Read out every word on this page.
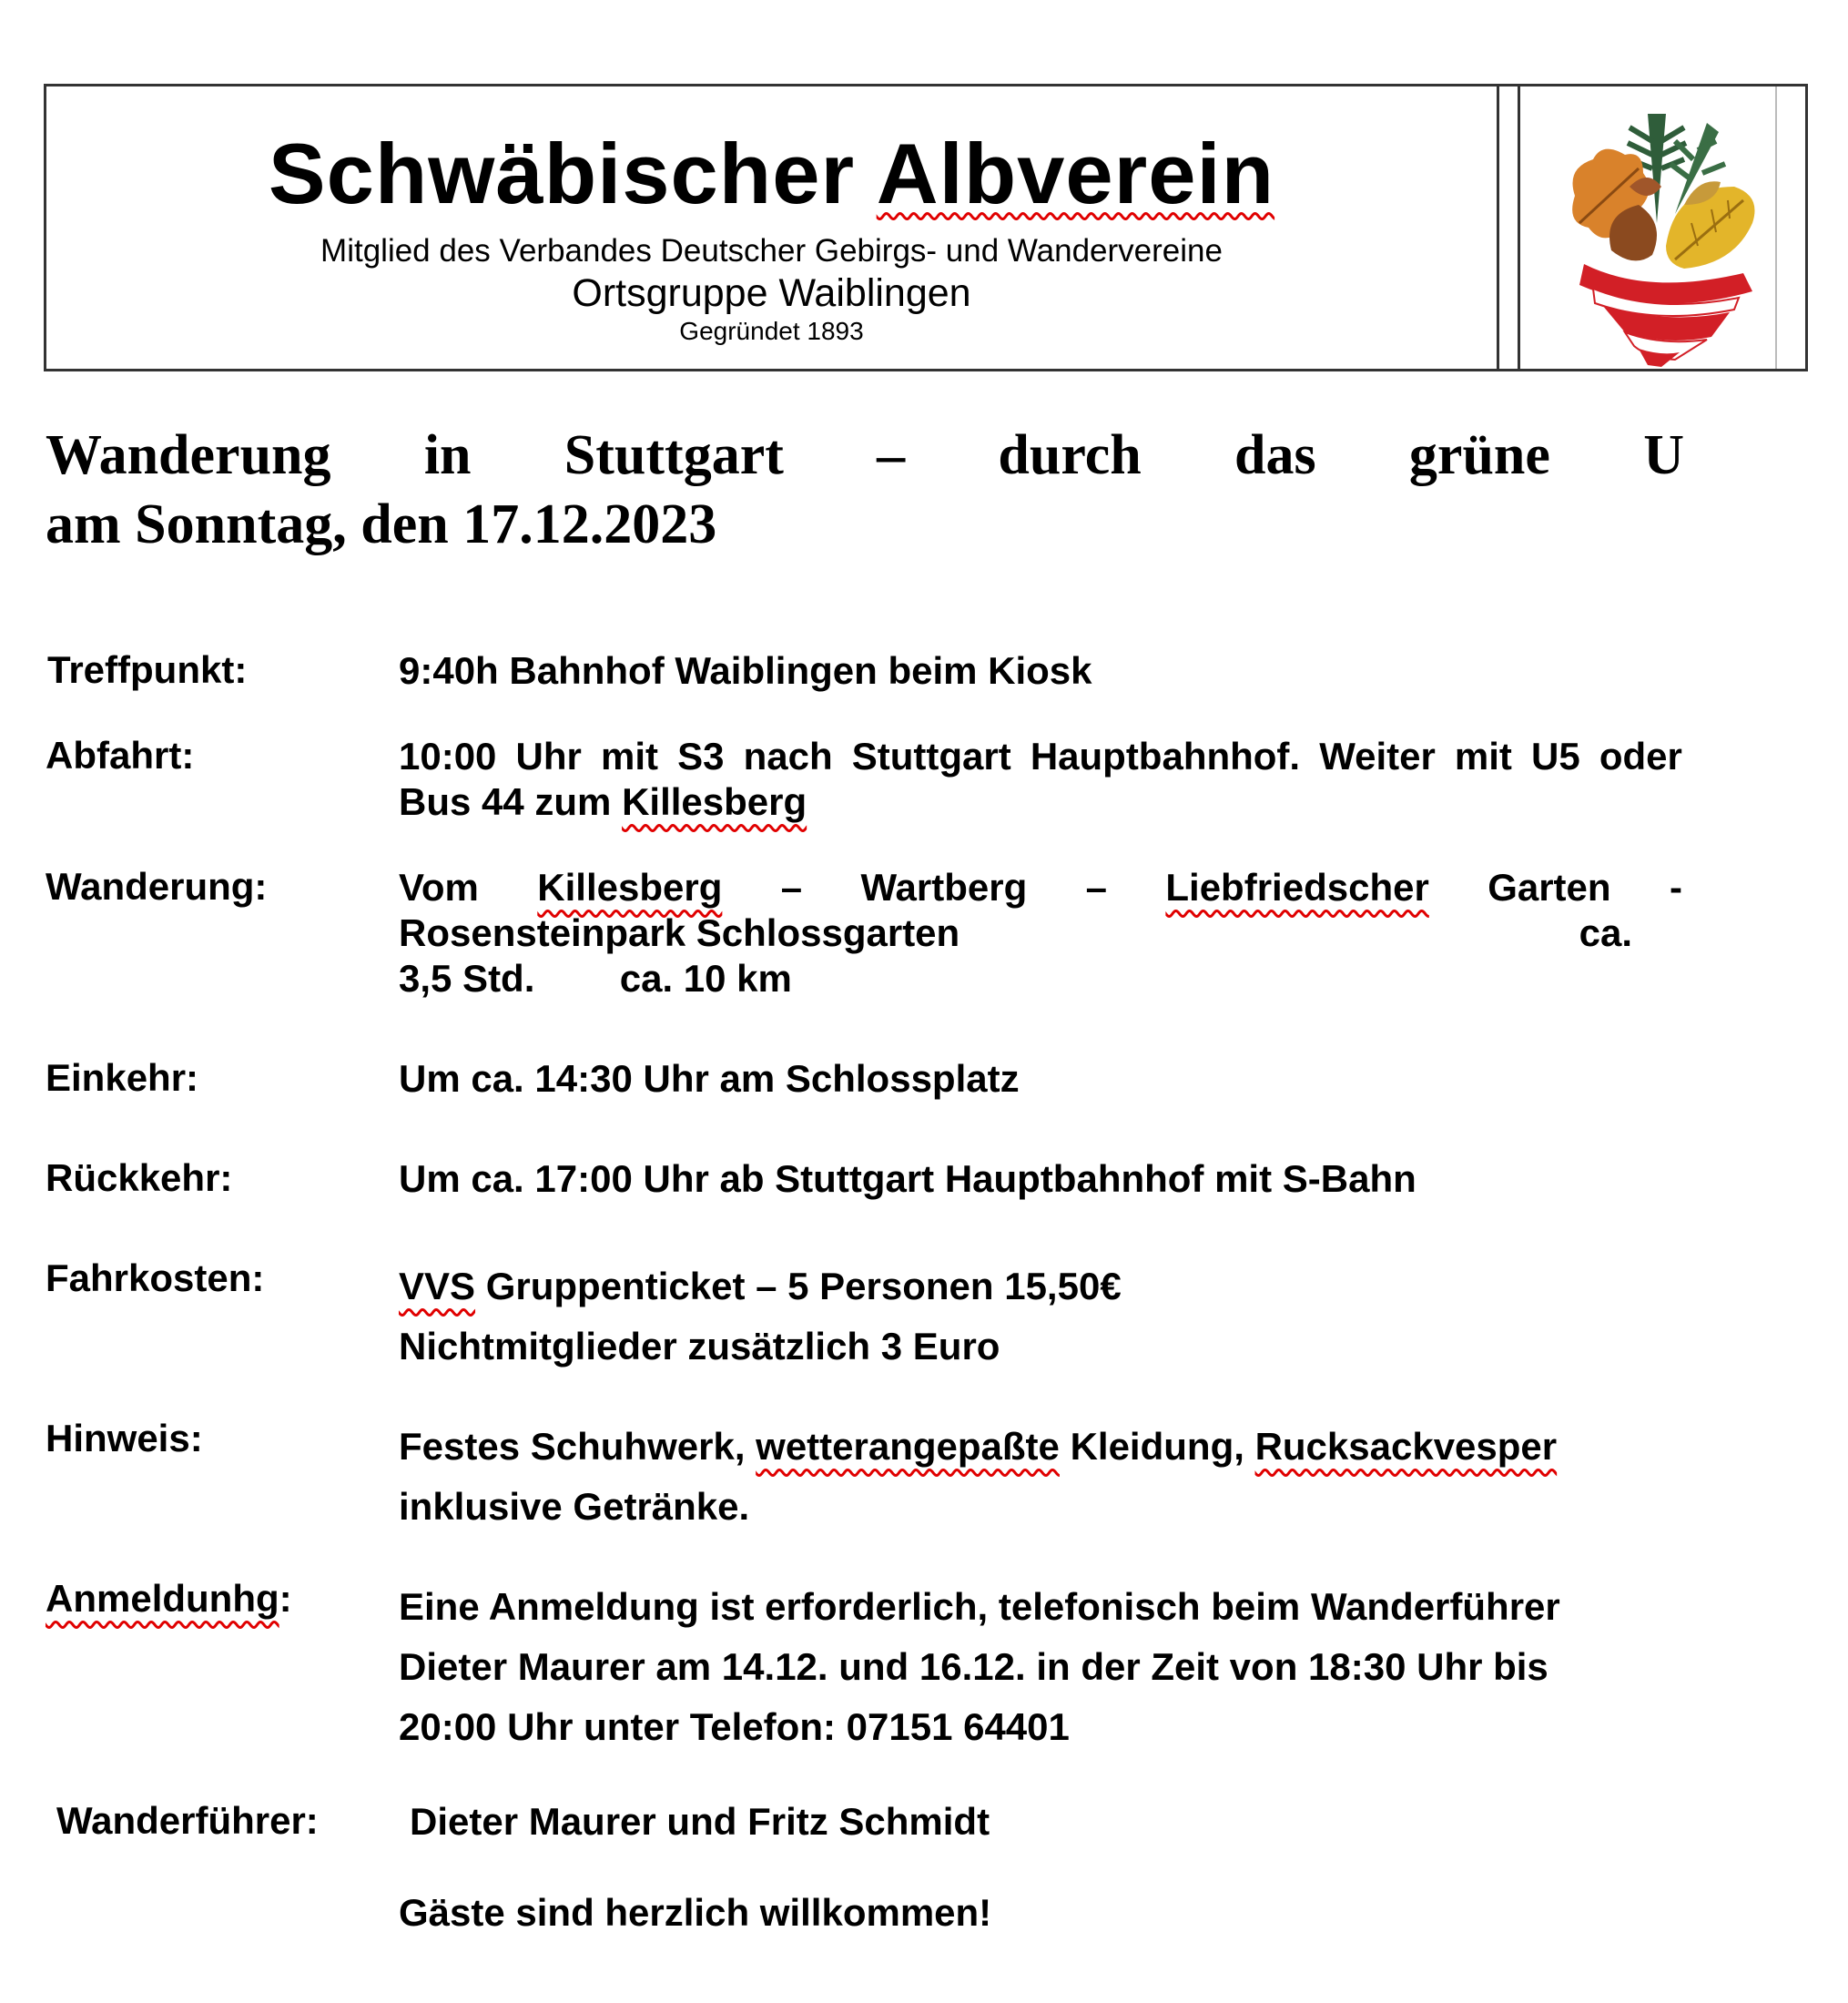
Schwäbischer Albverein
Mitglied des Verbandes Deutscher Gebirgs- und Wandervereine
Ortsgruppe Waiblingen
Gegründet 1893
Wanderung in Stuttgart – durch das grüne U
am Sonntag, den 17.12.2023
Treffpunkt:	9:40h Bahnhof Waiblingen beim Kiosk
Abfahrt:	10:00 Uhr mit S3 nach Stuttgart Hauptbahnhof. Weiter mit U5 oder
Bus 44 zum Killesberg
Wanderung:	Vom Killesberg – Wartberg – Liebfriedscher Garten -
Rosensteinpark Schlossgarten	ca.
3,5 Std.        ca. 10 km
Einkehr:	Um ca. 14:30 Uhr am Schlossplatz
Rückkehr:	Um ca. 17:00 Uhr ab Stuttgart Hauptbahnhof mit S-Bahn
Fahrkosten:	VVS Gruppenticket – 5 Personen 15,50€
Nichtmitglieder zusätzlich 3 Euro
Hinweis:	Festes Schuhwerk, wetterangepaßte Kleidung, Rucksackvesper
inklusive Getränke.
Anmeldunhg:	Eine Anmeldung ist erforderlich, telefonisch beim Wanderführer
Dieter Maurer am 14.12. und 16.12. in der Zeit von 18:30 Uhr bis
20:00 Uhr unter Telefon: 07151 64401
Wanderführer: Dieter Maurer und Fritz Schmidt
Gäste sind herzlich willkommen!
